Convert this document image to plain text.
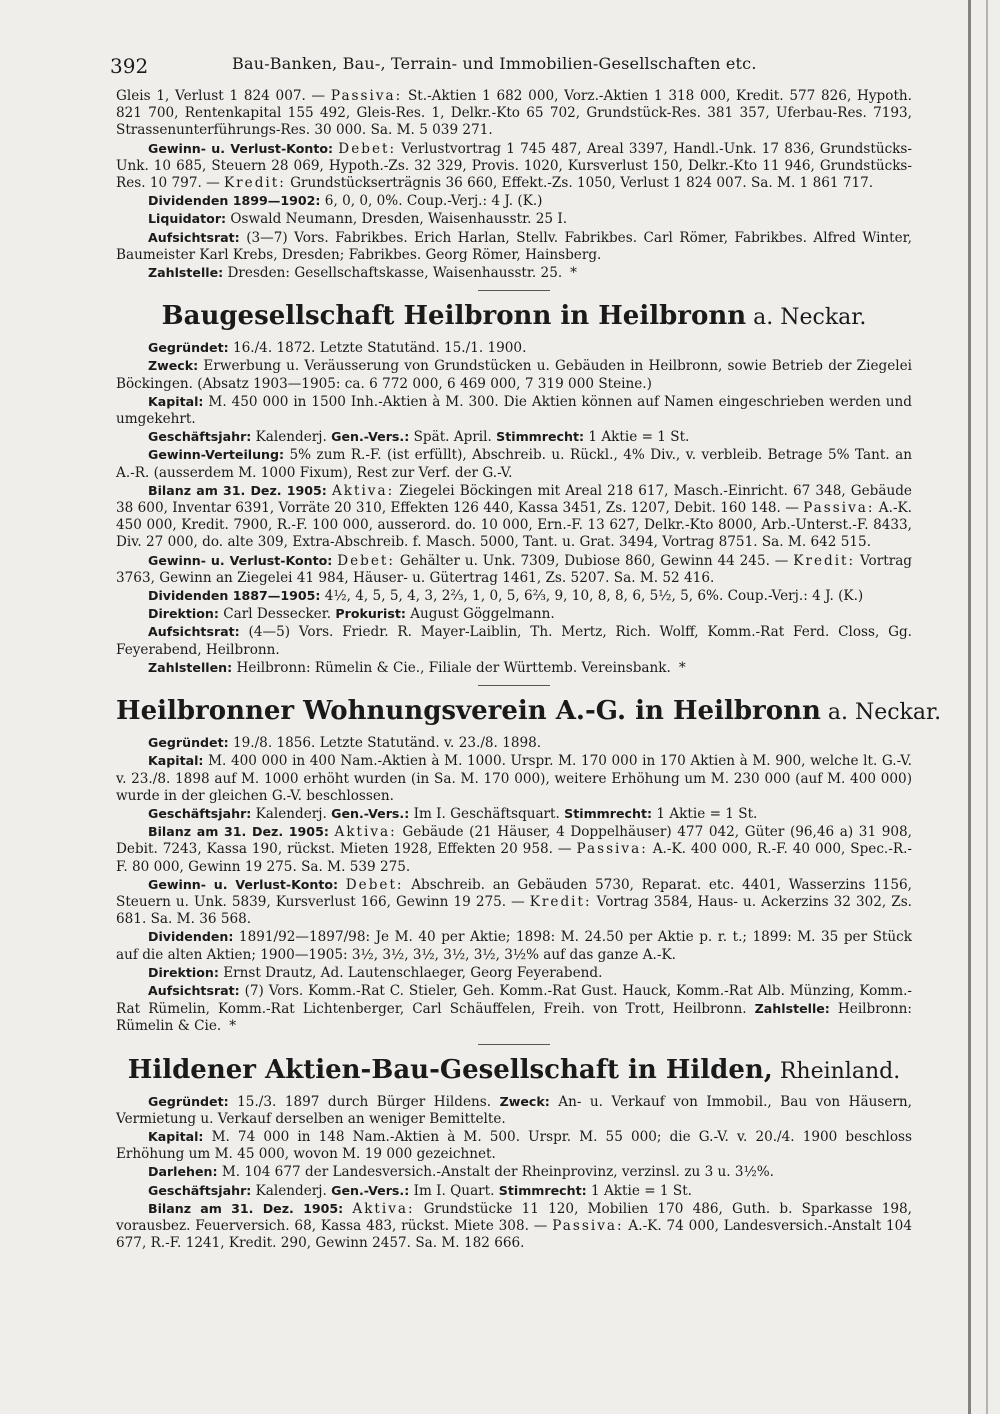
392	Bau-Banken, Bau-, Terrain- und Immobilien-Gesellschaften etc.

Gleis 1, Verlust 1 824 007. — Passiva: St.-Aktien 1 682 000, Vorz.-Aktien 1 318 000, Kredit. 577 826, Hypoth. 821 700, Rentenkapital 155 492, Gleis-Res. 1, Delkr.-Kto 65 702, Grundstück-Res. 381 357, Uferbau-Res. 7193, Strassenunterführungs-Res. 30 000. Sa. M. 5 039 271.

Gewinn- u. Verlust-Konto: Debet: Verlustvortrag 1 745 487, Areal 3397, Handl.-Unk. 17 836, Grundstücks-Unk. 10 685, Steuern 28 069, Hypoth.-Zs. 32 329, Provis. 1020, Kursverlust 150, Delkr.-Kto 11 946, Grundstücks-Res. 10 797. — Kredit: Grundstückserträgnis 36 660, Effekt.-Zs. 1050, Verlust 1 824 007. Sa. M. 1 861 717.

Dividenden 1899—1902: 6, 0, 0, 0%. Coup.-Verj.: 4 J. (K.)

Liquidator: Oswald Neumann, Dresden, Waisenhausstr. 25 I.

Aufsichtsrat: (3—7) Vors. Fabrikbes. Erich Harlan, Stellv. Fabrikbes. Carl Römer, Fabrikbes. Alfred Winter, Baumeister Karl Krebs, Dresden; Fabrikbes. Georg Römer, Hainsberg.

Zahlstelle: Dresden: Gesellschaftskasse, Waisenhausstr. 25. *

Baugesellschaft Heilbronn in Heilbronn a. Neckar.

Gegründet: 16./4. 1872. Letzte Statutänd. 15./1. 1900.

Zweck: Erwerbung u. Veräusserung von Grundstücken u. Gebäuden in Heilbronn, sowie Betrieb der Ziegelei Böckingen. (Absatz 1903—1905: ca. 6 772 000, 6 469 000, 7 319 000 Steine.)

Kapital: M. 450 000 in 1500 Inh.-Aktien à M. 300. Die Aktien können auf Namen eingeschrieben werden und umgekehrt.

Geschäftsjahr: Kalenderj. Gen.-Vers.: Spät. April. Stimmrecht: 1 Aktie = 1 St.

Gewinn-Verteilung: 5% zum R.-F. (ist erfüllt), Abschreib. u. Rückl., 4% Div., v. verbleib. Betrage 5% Tant. an A.-R. (ausserdem M. 1000 Fixum), Rest zur Verf. der G.-V.

Bilanz am 31. Dez. 1905: Aktiva: Ziegelei Böckingen mit Areal 218 617, Masch.-Einricht. 67 348, Gebäude 38 600, Inventar 6391, Vorräte 20 310, Effekten 126 440, Kassa 3451, Zs. 1207, Debit. 160 148. — Passiva: A.-K. 450 000, Kredit. 7900, R.-F. 100 000, ausserord. do. 10 000, Ern.-F. 13 627, Delkr.-Kto 8000, Arb.-Unterst.-F. 8433, Div. 27 000, do. alte 309, Extra-Abschreib. f. Masch. 5000, Tant. u. Grat. 3494, Vortrag 8751. Sa. M. 642 515.

Gewinn- u. Verlust-Konto: Debet: Gehälter u. Unk. 7309, Dubiose 860, Gewinn 44 245. — Kredit: Vortrag 3763, Gewinn an Ziegelei 41 984, Häuser- u. Gütertrag 1461, Zs. 5207. Sa. M. 52 416.

Dividenden 1887—1905: 4½, 4, 5, 5, 4, 3, 2⅔, 1, 0, 5, 6⅔, 9, 10, 8, 8, 6, 5½, 5, 6%. Coup.-Verj.: 4 J. (K.)

Direktion: Carl Dessecker. Prokurist: August Göggelmann.

Aufsichtsrat: (4—5) Vors. Friedr. R. Mayer-Laiblin, Th. Mertz, Rich. Wolff, Komm.-Rat Ferd. Closs, Gg. Feyerabend, Heilbronn.

Zahlstellen: Heilbronn: Rümelin & Cie., Filiale der Württemb. Vereinsbank. *

Heilbronner Wohnungsverein A.-G. in Heilbronn a. Neckar.

Gegründet: 19./8. 1856. Letzte Statutänd. v. 23./8. 1898.

Kapital: M. 400 000 in 400 Nam.-Aktien à M. 1000. Urspr. M. 170 000 in 170 Aktien à M. 900, welche lt. G.-V. v. 23./8. 1898 auf M. 1000 erhöht wurden (in Sa. M. 170 000), weitere Erhöhung um M. 230 000 (auf M. 400 000) wurde in der gleichen G.-V. beschlossen.

Geschäftsjahr: Kalenderj. Gen.-Vers.: Im I. Geschäftsquart. Stimmrecht: 1 Aktie = 1 St.

Bilanz am 31. Dez. 1905: Aktiva: Gebäude (21 Häuser, 4 Doppelhäuser) 477 042, Güter (96,46 a) 31 908, Debit. 7243, Kassa 190, rückst. Mieten 1928, Effekten 20 958. — Passiva: A.-K. 400 000, R.-F. 40 000, Spec.-R.-F. 80 000, Gewinn 19 275. Sa. M. 539 275.

Gewinn- u. Verlust-Konto: Debet: Abschreib. an Gebäuden 5730, Reparat. etc. 4401, Wasserzins 1156, Steuern u. Unk. 5839, Kursverlust 166, Gewinn 19 275. — Kredit: Vortrag 3584, Haus- u. Ackerzins 32 302, Zs. 681. Sa. M. 36 568.

Dividenden: 1891/92—1897/98: Je M. 40 per Aktie; 1898: M. 24.50 per Aktie p. r. t.; 1899: M. 35 per Stück auf die alten Aktien; 1900—1905: 3½, 3½, 3½, 3½, 3½, 3½% auf das ganze A.-K.

Direktion: Ernst Drautz, Ad. Lautenschlaeger, Georg Feyerabend.

Aufsichtsrat: (7) Vors. Komm.-Rat C. Stieler, Geh. Komm.-Rat Gust. Hauck, Komm.-Rat Alb. Münzing, Komm.-Rat Rümelin, Komm.-Rat Lichtenberger, Carl Schäuffelen, Freih. von Trott, Heilbronn. Zahlstelle: Heilbronn: Rümelin & Cie. *

Hildener Aktien-Bau-Gesellschaft in Hilden, Rheinland.

Gegründet: 15./3. 1897 durch Bürger Hildens. Zweck: An- u. Verkauf von Immobil., Bau von Häusern, Vermietung u. Verkauf derselben an weniger Bemittelte.

Kapital: M. 74 000 in 148 Nam.-Aktien à M. 500. Urspr. M. 55 000; die G.-V. v. 20./4. 1900 beschloss Erhöhung um M. 45 000, wovon M. 19 000 gezeichnet.

Darlehen: M. 104 677 der Landesversich.-Anstalt der Rheinprovinz, verzinsl. zu 3 u. 3½%.

Geschäftsjahr: Kalenderj. Gen.-Vers.: Im I. Quart. Stimmrecht: 1 Aktie = 1 St.

Bilanz am 31. Dez. 1905: Aktiva: Grundstücke 11 120, Mobilien 170 486, Guth. b. Sparkasse 198, vorausbez. Feuerversich. 68, Kassa 483, rückst. Miete 308. — Passiva: A.-K. 74 000, Landesversich.-Anstalt 104 677, R.-F. 1241, Kredit. 290, Gewinn 2457. Sa. M. 182 666.
